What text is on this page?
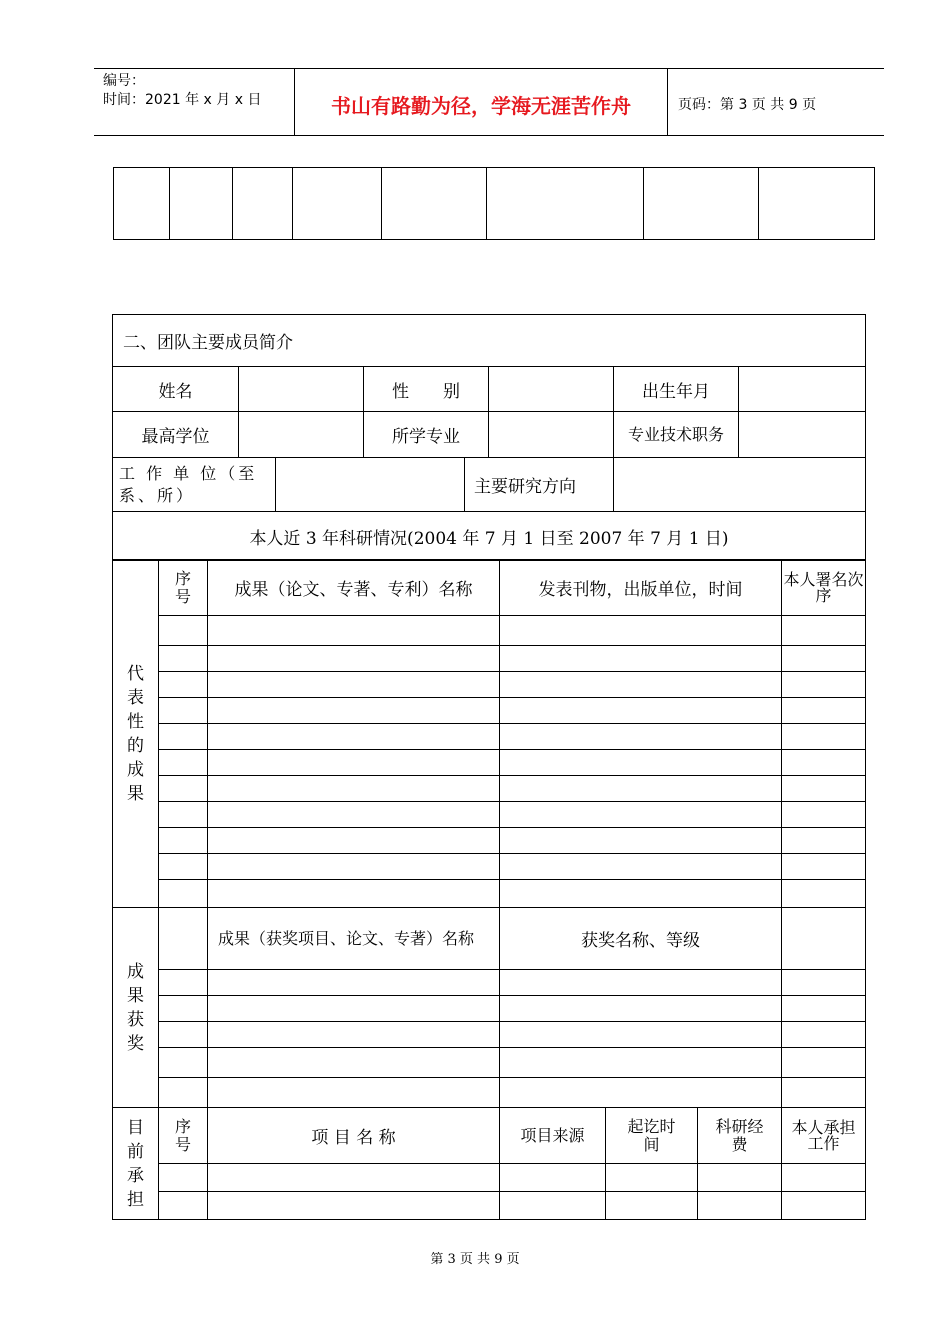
编号：
时间：2021 年 x 月 x 日	书山有路勤为径，学海无涯苦作舟	页码：第 3 页 共 9 页

二、团队主要成员简介							
姓名			性　　别			出生年月	
最高学位			所学专业			专业技术职务	
工 作 单 位（至系、所）				主要研究方向			
本人近 3 年科研情况(2004 年 7 月 1 日至 2007 年 7 月 1 日)							
代表性的成果	序号	成果（论文、专著、专利）名称	发表刊物，出版单位，时间			本人署名次序

成果获奖		成果（获奖项目、论文、专著）名称	获奖名称、等级			

目前承担	序号	项 目 名 称	项目来源	起讫时间	科研经费	本人承担工作

第 3 页 共 9 页
